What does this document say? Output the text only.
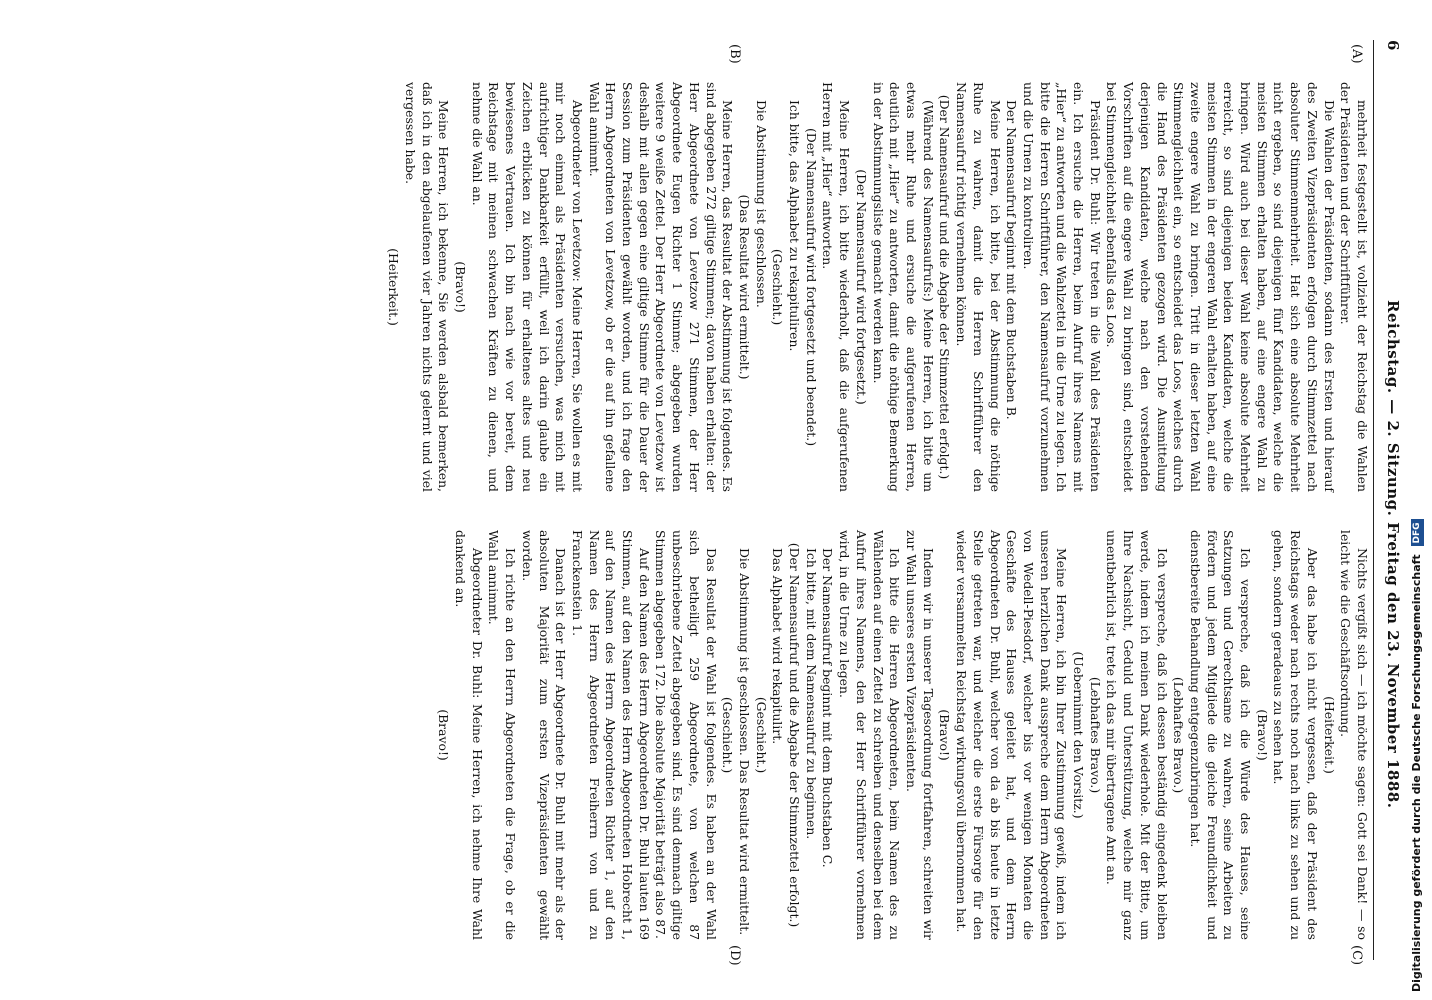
6
Reichstag. — 2. Sitzung. Freitag den 23. November 1888.
(A)
(B)
(C)
(D)

mehrheit festgestellt ist, vollzieht der Reichstag die Wahlen der Präsidenten und der Schriftführer.

Die Wahlen der Präsidenten, sodann des Ersten und hierauf des Zweiten Vizepräsidenten erfolgen durch Stimmzettel nach absoluter Stimmenmehrheit. Hat sich eine absolute Mehrheit nicht ergeben, so sind diejenigen fünf Kandidaten, welche die meisten Stimmen erhalten haben, auf eine engere Wahl zu bringen. Wird auch bei dieser Wahl keine absolute Mehrheit erreicht, so sind diejenigen beiden Kandidaten, welche die meisten Stimmen in der engeren Wahl erhalten haben, auf eine zweite engere Wahl zu bringen. Tritt in dieser letzten Wahl Stimmengleichheit ein, so entscheidet das Loos, welches durch die Hand des Präsidenten gezogen wird. Die Ausmittelung derjenigen Kandidaten, welche nach den vorstehenden Vorschriften auf die engere Wahl zu bringen sind, entscheidet bei Stimmengleichheit ebenfalls das Loos.

Präsident Dr. Buhl: Wir treten in die Wahl des Präsidenten ein. Ich ersuche die Herren, beim Aufruf ihres Namens mit „Hier“ zu antworten und die Wahlzettel in die Urne zu legen. Ich bitte die Herren Schriftführer, den Namensaufruf vorzunehmen und die Urnen zu kontroliren.

Der Namensaufruf beginnt mit dem Buchstaben B.

Meine Herren, ich bitte, bei der Abstimmung die nöthige Ruhe zu wahren, damit die Herren Schriftführer den Namensaufruf richtig vernehmen können.

(Der Namensaufruf und die Abgabe der Stimmzettel erfolgt.)

(Während des Namensaufrufs:) Meine Herren, ich bitte um etwas mehr Ruhe und ersuche die aufgerufenen Herren, deutlich mit „Hier“ zu antworten, damit die nöthige Bemerkung in der Abstimmungsliste gemacht werden kann.

(Der Namensaufruf wird fortgesetzt.)

Meine Herren, ich bitte wiederholt, daß die aufgerufenen Herren mit „Hier“ antworten.

(Der Namensaufruf wird fortgesetzt und beendet.)

Ich bitte, das Alphabet zu rekapituliren.

(Geschieht.)

Die Abstimmung ist geschlossen.

(Das Resultat wird ermittelt.)

Meine Herren, das Resultat der Abstimmung ist folgendes. Es sind abgegeben 272 giltige Stimmen; davon haben erhalten: der Herr Abgeordnete von Levetzow 271 Stimmen, der Herr Abgeordnete Eugen Richter 1 Stimme; abgegeben wurden weitere 9 weiße Zettel. Der Herr Abgeordnete von Levetzow ist deshalb mit allen gegen eine giltige Stimme für die Dauer der Session zum Präsidenten gewählt worden, und ich frage den Herrn Abgeordneten von Levetzow, ob er die auf ihn gefallene Wahl annimmt.

Abgeordneter von Levetzow: Meine Herren, Sie wollen es mit mir noch einmal als Präsidenten versuchen, was mich mit aufrichtiger Dankbarkeit erfüllt, weil ich darin glaube ein Zeichen erblicken zu können für erhaltenes altes und neu bewiesenes Vertrauen. Ich bin nach wie vor bereit, dem Reichstage mit meinen schwachen Kräften zu dienen, und nehme die Wahl an.

(Bravo!)

Meine Herren, ich bekenne, Sie werden alsbald bemerken, daß ich in den abgelaufenen vier Jahren nichts gelernt und viel vergessen habe.

(Heiterkeit.)

Nichts vergißt sich — ich möchte sagen: Gott sei Dank! — so leicht wie die Geschäftsordnung.

(Heiterkeit.)

Aber das habe ich nicht vergessen, daß der Präsident des Reichstags weder nach rechts noch nach links zu sehen und zu gehen, sondern geradeaus zu sehen hat.

(Bravo!)

Ich verspreche, daß ich die Würde des Hauses, seine Satzungen und Gerechtsame zu wahren, seine Arbeiten zu fördern und jedem Mitgliede die gleiche Freundlichkeit und dienstbereite Behandlung entgegenzubringen hat.

(Lebhaftes Bravo.)

Ich verspreche, daß ich dessen beständig eingedenk bleiben werde, indem ich meinen Dank wiederhole. Mit der Bitte, um Ihre Nachsicht, Geduld und Unterstützung, welche mir ganz unentbehrlich ist, trete ich das mir übertragene Amt an.

(Lebhaftes Bravo.)

(Uebernimmt den Vorsitz.)

Meine Herren, ich bin Ihrer Zustimmung gewiß, indem ich unseren herzlichen Dank ausspreche dem Herrn Abgeordneten von Wedell-Piesdorf, welcher bis vor wenigen Monaten die Geschäfte des Hauses geleitet hat, und dem Herrn Abgeordneten Dr. Buhl, welcher von da ab bis heute in letzte Stelle getreten war, und welcher die erste Fürsorge für den wieder versammelten Reichstag wirkungsvoll übernommen hat.

(Bravo!)

Indem wir in unserer Tagesordnung fortfahren, schreiten wir zur Wahl unseres ersten Vizepräsidenten.

Ich bitte die Herren Abgeordneten, beim Namen des zu Wählenden auf einen Zettel zu schreiben und denselben bei dem Aufruf ihres Namens, den der Herr Schriftführer vornehmen wird, in die Urne zu legen.

Der Namensaufruf beginnt mit dem Buchstaben C.

Ich bitte, mit dem Namensaufruf zu beginnen.

(Der Namensaufruf und die Abgabe der Stimmzettel erfolgt.)

Das Alphabet wird rekapitulirt.

(Geschieht.)

Die Abstimmung ist geschlossen. Das Resultat wird ermittelt.

(Geschieht.)

Das Resultat der Wahl ist folgendes. Es haben an der Wahl sich betheiligt 259 Abgeordnete, von welchen 87 unbeschriebene Zettel abgegeben sind. Es sind demnach giltige Stimmen abgegeben 172. Die absolute Majorität beträgt also 87.

Auf den Namen des Herrn Abgeordneten Dr. Buhl lauten 169 Stimmen, auf den Namen des Herrn Abgeordneten Hobrecht 1, auf den Namen des Herrn Abgeordneten Richter 1, auf den Namen des Herrn Abgeordneten Freiherrn von und zu Franckenstein 1.

Danach ist der Herr Abgeordnete Dr. Buhl mit mehr als der absoluten Majorität zum ersten Vizepräsidenten gewählt worden.

Ich richte an den Herrn Abgeordneten die Frage, ob er die Wahl annimmt.

Abgeordneter Dr. Buhl: Meine Herren, ich nehme Ihre Wahl dankend an.

(Bravo!)	Digitalisierung gefördert durch die Deutsche Forschungsgemeinschaft DFG
